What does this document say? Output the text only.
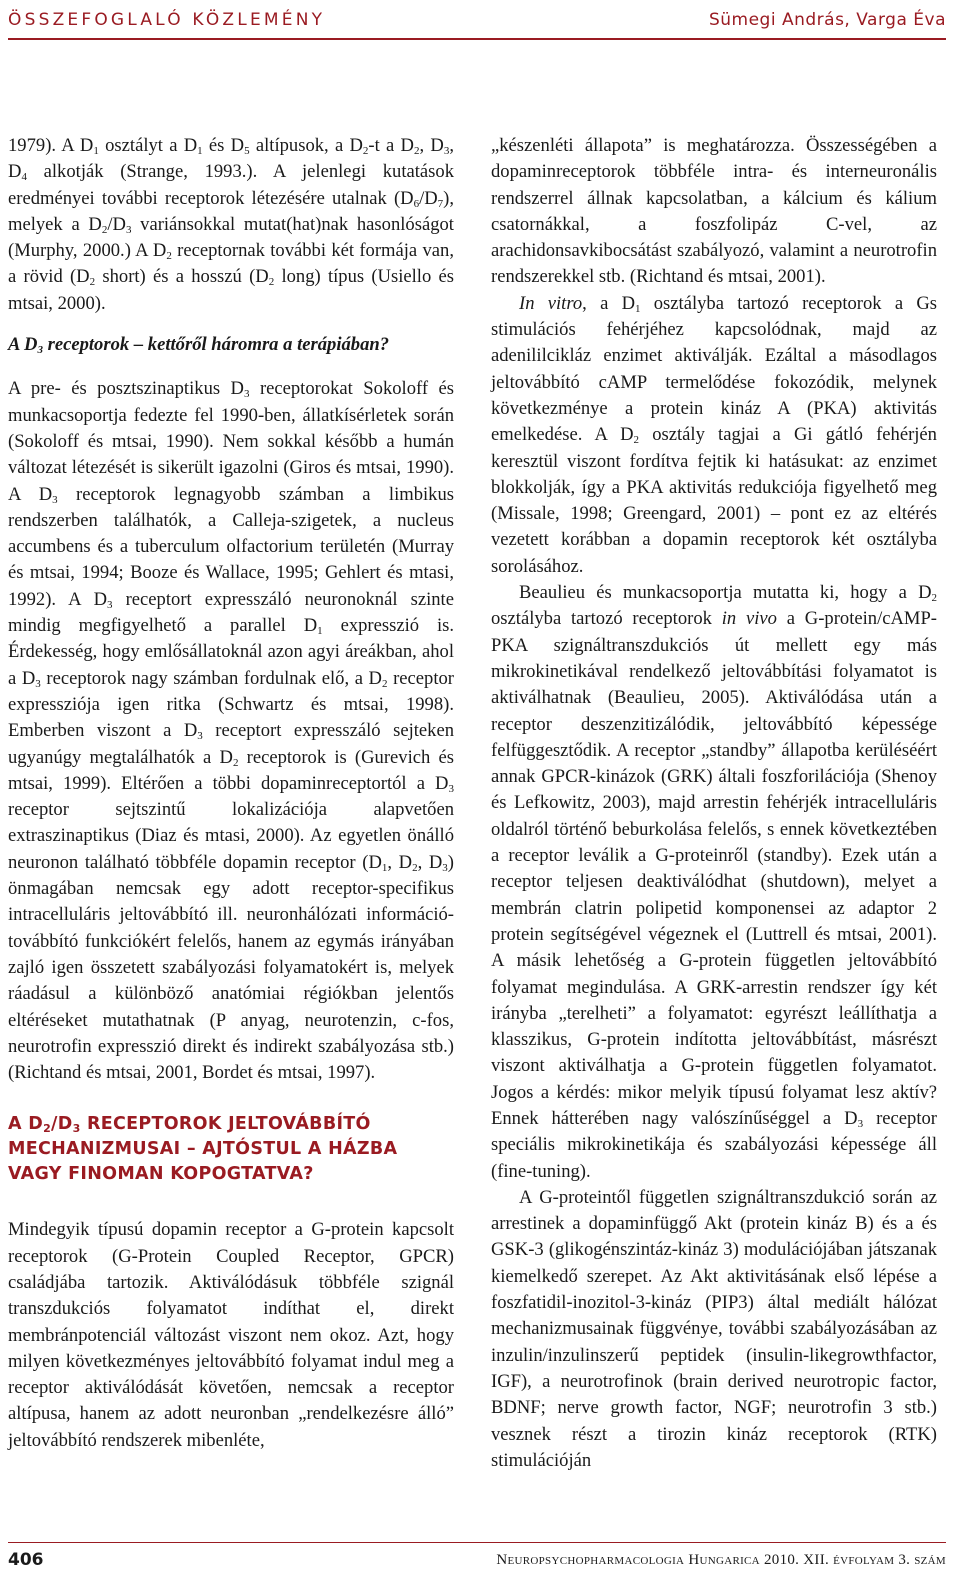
ÖSSZEFOGLALÓ KÖZLEMÉNY	Sümegi András, Varga Éva

1979). A $D_1$ osztályt a $D_1$ és $D_5$ altípusok, a $D_2-t$ a $D_2$, $D_3$, $D_4$ alkotják (Strange, 1993.). A jelenlegi kutatások eredményei további receptorok létezésére utalnak $(D_6/D_7)$, melyek a $D_2/D_3$ variánsokkal mutat(hat)nak hasonlóságot (Murphy, 2000.) A $D_2$ receptornak további két formája van, a rövid ($D_2$ short) és a hosszú ($D_2$ long) típus (Usiello és mtsai, 2000).

A $D_3$ receptorok – kettőről háromra a terápiában?

A pre- és posztszinaptikus $D_3$ receptorokat Sokoloff és munkacsoportja fedezte fel 1990-ben, állatkísérletek során (Sokoloff és mtsai, 1990). Nem sokkal később a humán változat létezését is sikerült igazolni (Giros és mtsai, 1990). A $D_3$ receptorok legnagyobb számban a limbikus rendszerben találhatók, a Calleja-szigetek, a nucleus accumbens és a tuberculum olfactorium területén (Murray és mtsai, 1994; Booze és Wallace, 1995; Gehlert és mtasi, 1992). A $D_3$ receptort expresszáló neuronoknál szinte mindig megfigyelhető a parallel $D_1$ expresszió is. Érdekesség, hogy emlősállatoknál azon agyi áreákban, ahol a $D_3$ receptorok nagy számban fordulnak elő, a $D_2$ receptor expressziója igen ritka (Schwartz és mtsai, 1998). Emberben viszont a $D_3$ receptort expresszáló sejteken ugyanúgy megtalálhatók a $D_2$ receptorok is (Gurevich és mtsai, 1999). Eltérően a többi dopaminreceptortól a $D_3$ receptor sejtszintű lokalizációja alapvetően extraszinaptikus (Diaz és mtasi, 2000). Az egyetlen önálló neuronon található többféle dopamin receptor ($D_1$, $D_2$, $D_3$) önmagában nemcsak egy adott receptor-specifikus intracelluláris jeltovábbító ill. neuronhálózati információ-továbbító funkciókért felelős, hanem az egymás irányában zajló igen összetett szabályozási folyamatokért is, melyek ráadásul a különböző anatómiai régiókban jelentős eltéréseket mutathatnak (P anyag, neurotenzin, c-fos, neurotrofin expresszió direkt és indirekt szabályozása stb.) (Richtand és mtsai, 2001, Bordet és mtsai, 1997).

A $D_2/D_3$ RECEPTOROK JELTOVÁBBÍTÓ MECHANIZMUSAI – AJTÓSTUL A HÁZBA VAGY FINOMAN KOPOGTATVA?

Mindegyik típusú dopamin receptor a G-protein kapcsolt receptorok (G-Protein Coupled Receptor, GPCR) családjába tartozik. Aktiválódásuk többféle szignál transzdukciós folyamatot indíthat el, direkt membránpotenciál változást viszont nem okoz. Azt, hogy milyen következményes jeltovábbító folyamat indul meg a receptor aktiválódását követően, nemcsak a receptor altípusa, hanem az adott neuronban „rendelkezésre álló” jeltovábbító rendszerek mibenléte,

„készenléti állapota” is meghatározza. Összességében a dopaminreceptorok többféle intra- és interneuronális rendszerrel állnak kapcsolatban, a kálcium és kálium csatornákkal, a foszfolipáz C-vel, az arachidonsavkibocsátást szabályozó, valamint a neurotrofin rendszerekkel stb. (Richtand és mtsai, 2001).

In vitro, a $D_1$ osztályba tartozó receptorok a Gs stimulációs fehérjéhez kapcsolódnak, majd az adenililcikláz enzimet aktiválják. Ezáltal a másodlagos jeltovábbító cAMP termelődése fokozódik, melynek következménye a protein kináz A (PKA) aktivitás emelkedése. A $D_2$ osztály tagjai a Gi gátló fehérjén keresztül viszont fordítva fejtik ki hatásukat: az enzimet blokkolják, így a PKA aktivitás redukciója figyelhető meg (Missale, 1998; Greengard, 2001) – pont ez az eltérés vezetett korábban a dopamin receptorok két osztályba sorolásához.

Beaulieu és munkacsoportja mutatta ki, hogy a $D_2$ osztályba tartozó receptorok in vivo a G-protein/cAMP-PKA szignáltranszdukciós út mellett egy más mikrokinetikával rendelkező jeltovábbítási folyamatot is aktiválhatnak (Beaulieu, 2005). Aktiválódása után a receptor deszenzitizálódik, jeltovábbító képessége felfüggesztődik. A receptor „standby” állapotba kerüléséért annak GPCR-kinázok (GRK) általi foszforilációja (Shenoy és Lefkowitz, 2003), majd arrestin fehérjék intracelluláris oldalról történő beburkolása felelős, s ennek következtében a receptor leválik a G-proteinről (standby). Ezek után a receptor teljesen deaktiválódhat (shutdown), melyet a membrán clatrin polipetid komponensei az adaptor 2 protein segítségével végeznek el (Luttrell és mtsai, 2001). A másik lehetőség a G-protein független jeltovábbító folyamat megindulása. A GRK-arrestin rendszer így két irányba „terelheti” a folyamatot: egyrészt leállíthatja a klasszikus, G-protein indította jeltovábbítást, másrészt viszont aktiválhatja a G-protein független folyamatot. Jogos a kérdés: mikor melyik típusú folyamat lesz aktív? Ennek hátterében nagy valószínűséggel a $D_3$ receptor speciális mikrokinetikája és szabályozási képessége áll (fine-tuning).

A G-proteintől független szignáltranszdukció során az arrestinek a dopaminfüggő Akt (protein kináz B) és a és GSK-3 (glikogénszintáz-kináz 3) modulációjában játszanak kiemelkedő szerepet. Az Akt aktivitásának első lépése a foszfatidil-inozitol-3-kináz (PIP3) által mediált hálózat mechanizmusainak függvénye, további szabályozásában az inzulin/inzulinszerű peptidek (insulin-likegrowthfactor, IGF), a neurotrofinok (brain derived neurotropic factor, BDNF; nerve growth factor, NGF; neurotrofin 3 stb.) vesznek részt a tirozin kináz receptorok (RTK) stimulációján

406	Neuropsychopharmacologia Hungarica 2010. XII. évfolyam 3. szám
